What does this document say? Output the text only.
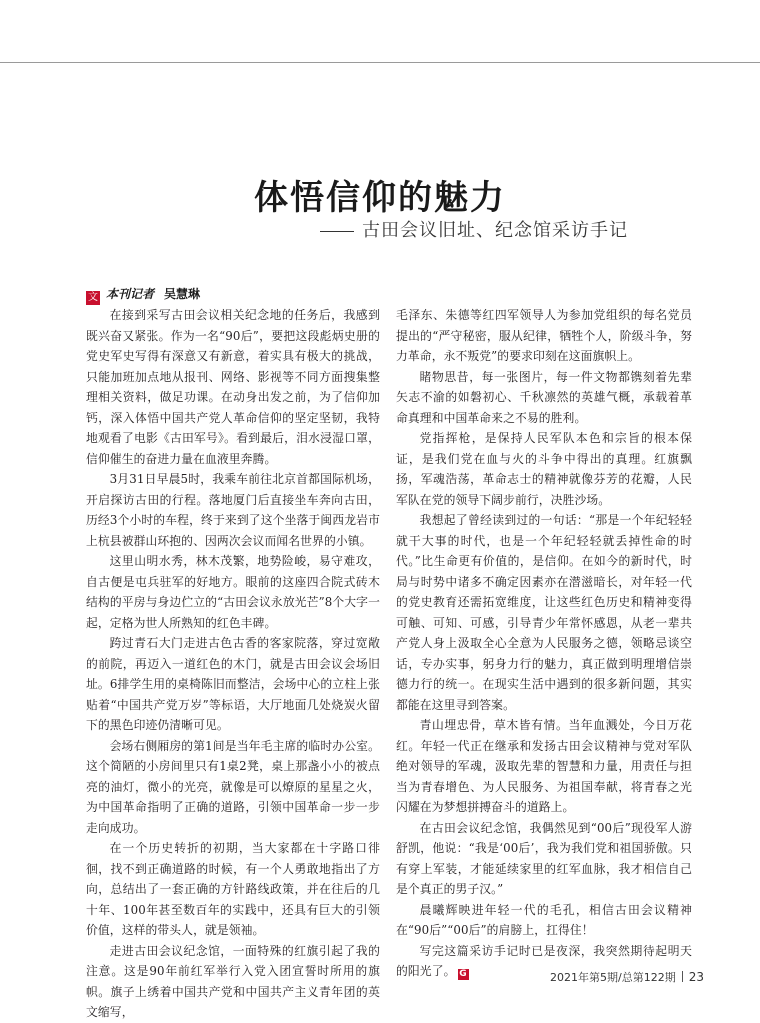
体悟信仰的魅力
古田会议旧址、纪念馆采访手记
文 本刊记者 吴慧琳

在接到采写古田会议相关纪念地的任务后，我感到既兴奋又紧张。作为一名“90后”，要把这段彪炳史册的党史军史写得有深意又有新意，着实具有极大的挑战，只能加班加点地从报刊、网络、影视等不同方面搜集整理相关资料，做足功课。在动身出发之前，为了信仰加钙，深入体悟中国共产党人革命信仰的坚定坚韧，我特地观看了电影《古田军号》。看到最后，泪水浸湿口罩，信仰催生的奋进力量在血液里奔腾。

3月31日早晨5时，我乘车前往北京首都国际机场，开启探访古田的行程。落地厦门后直接坐车奔向古田，历经3个小时的车程，终于来到了这个坐落于闽西龙岩市上杭县被群山环抱的、因两次会议而闻名世界的小镇。

这里山明水秀，林木茂繁，地势险峻，易守难攻，自古便是屯兵驻军的好地方。眼前的这座四合院式砖木结构的平房与身边伫立的“古田会议永放光芒”8个大字一起，定格为世人所熟知的红色丰碑。

跨过青石大门走进古色古香的客家院落，穿过宽敞的前院，再迈入一道红色的木门，就是古田会议会场旧址。6排学生用的桌椅陈旧而整洁，会场中心的立柱上张贴着“中国共产党万岁”等标语，大厅地面几处烧炭火留下的黑色印迹仍清晰可见。

会场右侧厢房的第1间是当年毛主席的临时办公室。这个简陋的小房间里只有1桌2凳，桌上那盏小小的被点亮的油灯，微小的光亮，就像是可以燎原的星星之火，为中国革命指明了正确的道路，引领中国革命一步一步走向成功。

在一个历史转折的初期，当大家都在十字路口徘徊，找不到正确道路的时候，有一个人勇敢地指出了方向，总结出了一套正确的方针路线政策，并在往后的几十年、100年甚至数百年的实践中，还具有巨大的引领价值，这样的带头人，就是领袖。

走进古田会议纪念馆，一面特殊的红旗引起了我的注意。这是90年前红军举行入党入团宣誓时所用的旗帜。旗子上绣着中国共产党和中国共产主义青年团的英文缩写，

毛泽东、朱德等红四军领导人为参加党组织的每名党员提出的“严守秘密，服从纪律，牺牲个人，阶级斗争，努力革命，永不叛党”的要求印刻在这面旗帜上。

睹物思昔，每一张图片，每一件文物都镌刻着先辈矢志不渝的如磐初心、千秋凛然的英雄气概，承载着革命真理和中国革命来之不易的胜利。

党指挥枪，是保持人民军队本色和宗旨的根本保证，是我们党在血与火的斗争中得出的真理。红旗飘扬，军魂浩荡，革命志士的精神就像芬芳的花瓣，人民军队在党的领导下阔步前行，决胜沙场。

我想起了曾经读到过的一句话：“那是一个年纪轻轻就干大事的时代，也是一个年纪轻轻就丢掉性命的时代。”比生命更有价值的，是信仰。在如今的新时代，时局与时势中诸多不确定因素亦在潜滋暗长，对年轻一代的党史教育还需拓宽维度，让这些红色历史和精神变得可触、可知、可感，引导青少年常怀感恩，从老一辈共产党人身上汲取全心全意为人民服务之德，领略忌谈空话，专办实事，躬身力行的魅力，真正做到明理增信崇德力行的统一。在现实生活中遇到的很多新问题，其实都能在这里寻到答案。

青山埋忠骨，草木皆有情。当年血溅处，今日万花红。年轻一代正在继承和发扬古田会议精神与党对军队绝对领导的军魂，汲取先辈的智慧和力量，用责任与担当为青春增色、为人民服务、为祖国奉献，将青春之光闪耀在为梦想拼搏奋斗的道路上。

在古田会议纪念馆，我偶然见到“00后”现役军人游舒凯，他说：“我是‘00后’，我为我们党和祖国骄傲。只有穿上军装，才能延续家里的红军血脉，我才相信自己是个真正的男子汉。”

晨曦辉映进年轻一代的毛孔，相信古田会议精神在“90后”“00后”的肩膀上，扛得住！

写完这篇采访手记时已是夜深，我突然期待起明天的阳光了。 G	2021年第5期/总第122期 23
